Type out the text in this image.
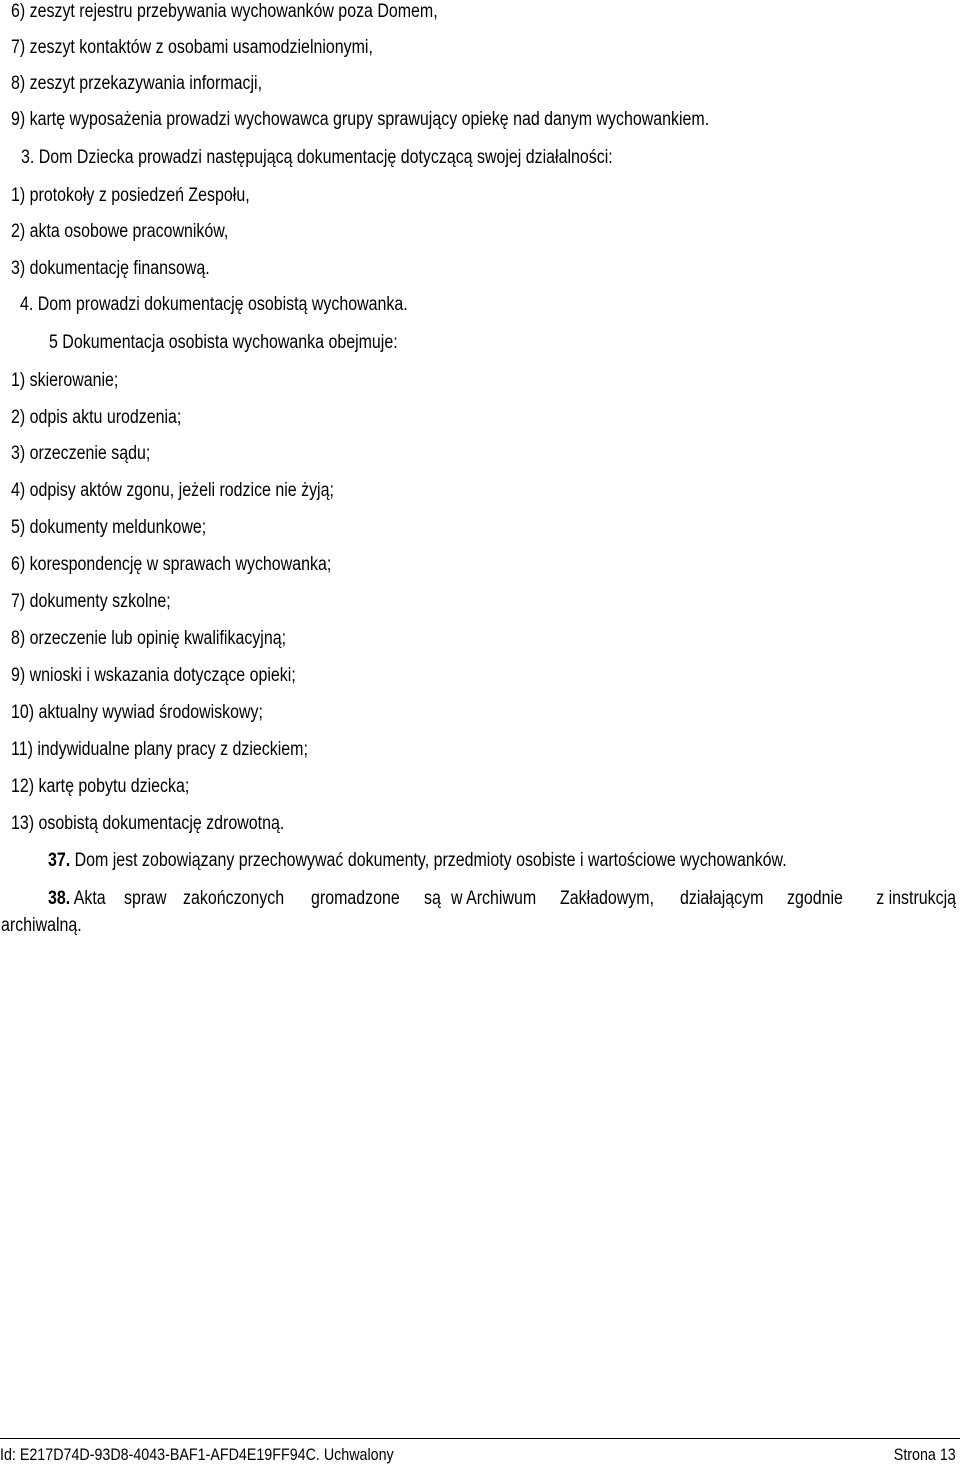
6) zeszyt rejestru przebywania wychowanków poza Domem,
7) zeszyt kontaktów z osobami usamodzielnionymi,
8) zeszyt przekazywania informacji,
9) kartę wyposażenia prowadzi wychowawca grupy sprawujący opiekę nad danym wychowankiem.
3. Dom Dziecka prowadzi następującą dokumentację dotyczącą swojej działalności:
1) protokoły z posiedzeń Zespołu,
2) akta osobowe pracowników,
3) dokumentację finansową.
4. Dom prowadzi dokumentację osobistą wychowanka.
5 Dokumentacja osobista wychowanka obejmuje:
1) skierowanie;
2) odpis aktu urodzenia;
3) orzeczenie sądu;
4) odpisy aktów zgonu, jeżeli rodzice nie żyją;
5) dokumenty meldunkowe;
6) korespondencję w sprawach wychowanka;
7) dokumenty szkolne;
8) orzeczenie lub opinię kwalifikacyjną;
9) wnioski i wskazania dotyczące opieki;
10) aktualny wywiad środowiskowy;
11) indywidualne plany pracy z dzieckiem;
12) kartę pobytu dziecka;
13) osobistą dokumentację zdrowotną.
37. Dom jest zobowiązany przechowywać dokumenty, przedmioty osobiste i wartościowe wychowanków.
38. Akta spraw zakończonych gromadzone są w Archiwum Zakładowym, działającym zgodnie z instrukcją
archiwalną.
Id: E217D74D-93D8-4043-BAF1-AFD4E19FF94C. Uchwalony	Strona 13
